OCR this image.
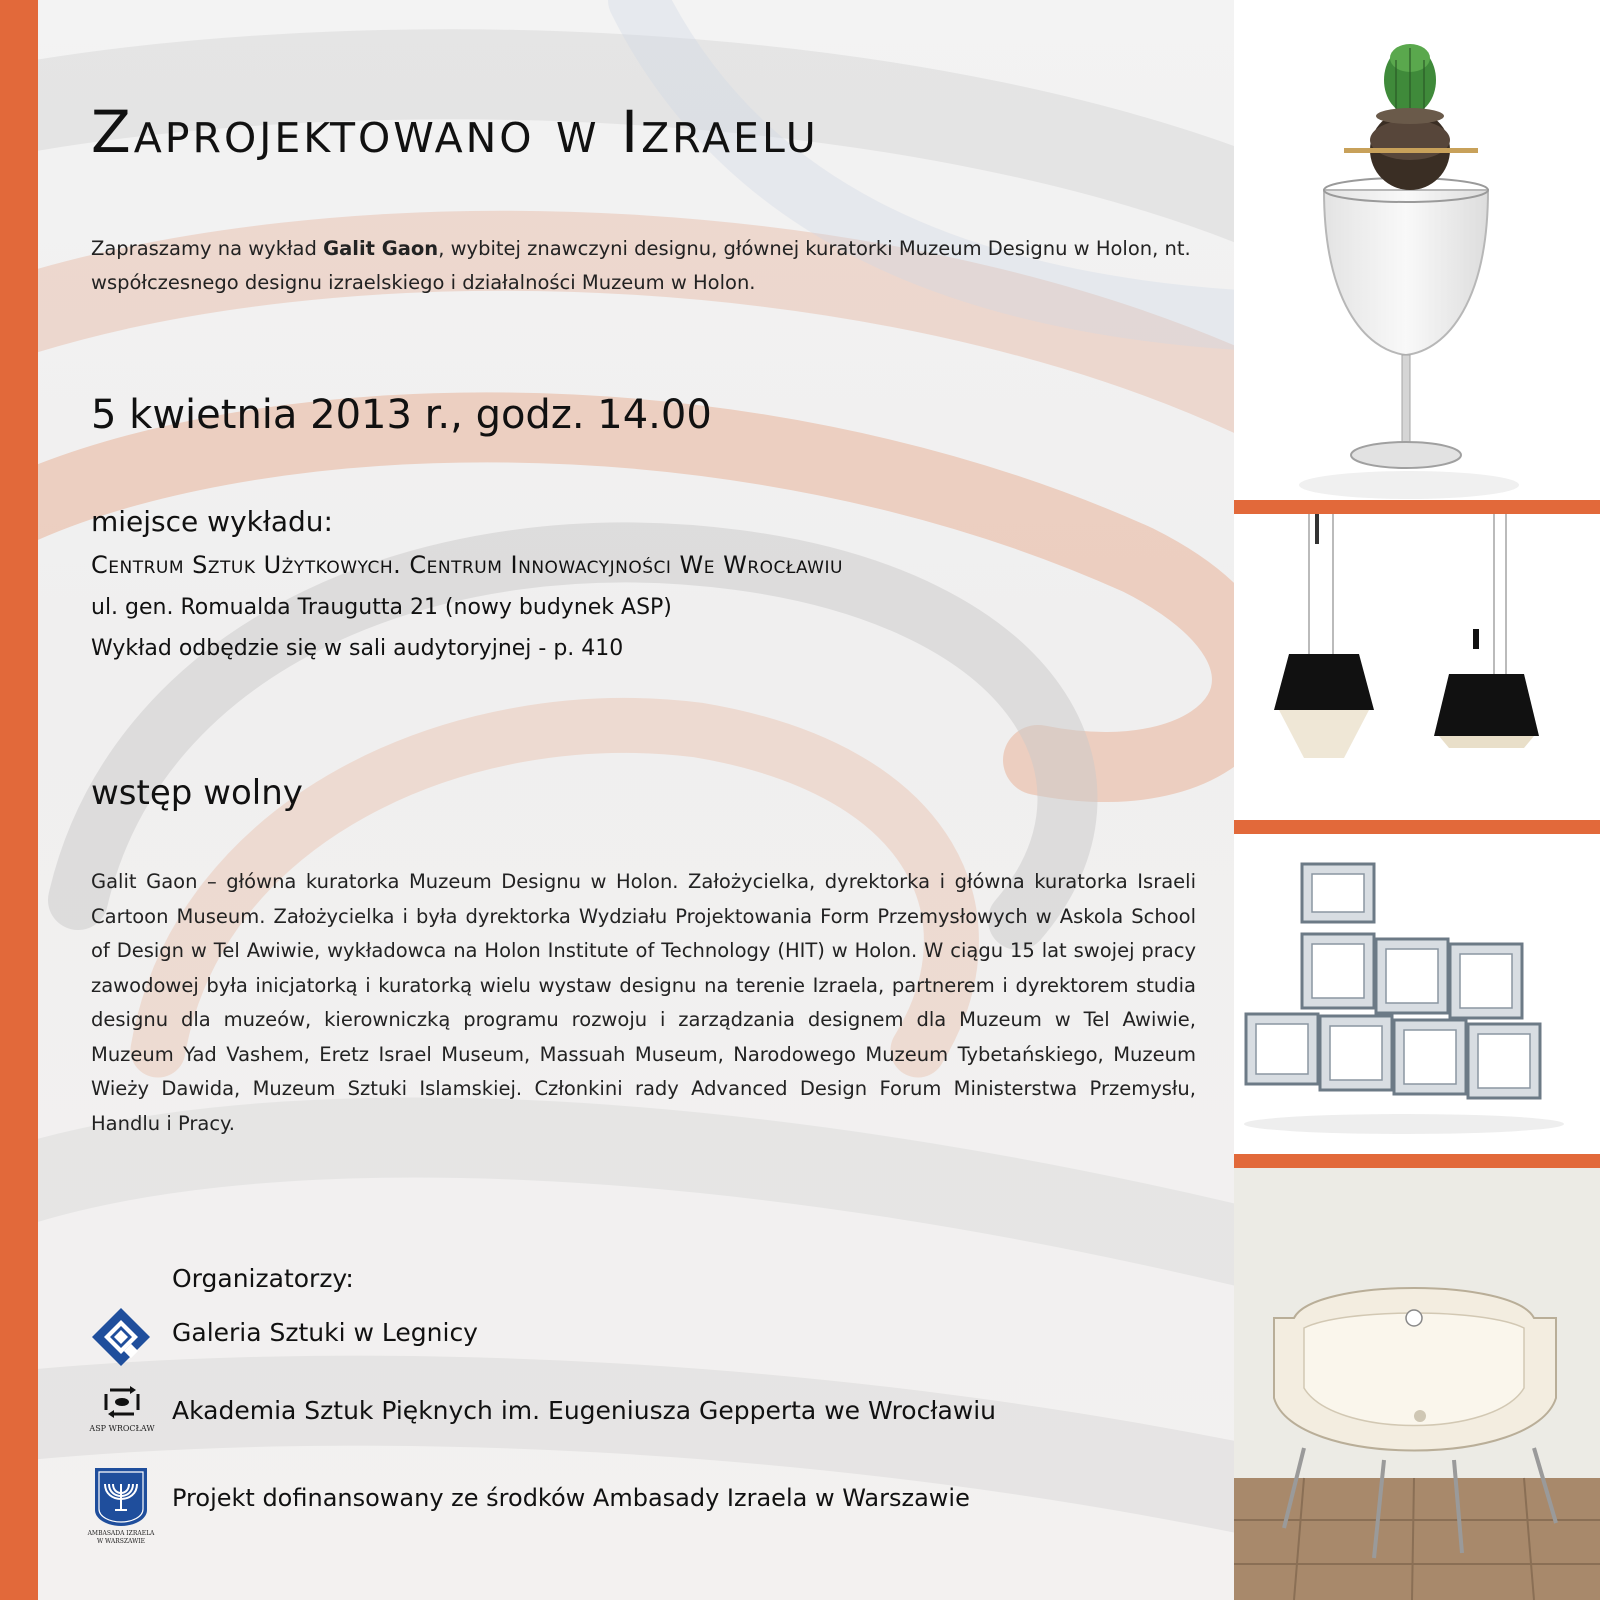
Zaprojektowano w Izraelu
Zapraszamy na wykład Galit Gaon, wybitej znawczyni designu, głównej kuratorki Muzeum Designu w Holon, nt. współczesnego designu izraelskiego i działalności Muzeum w Holon.
5 kwietnia 2013 r., godz. 14.00
miejsce wykładu:
Centrum Sztuk Użytkowych. Centrum Innowacyjności We Wrocławiu
ul. gen. Romualda Traugutta 21 (nowy budynek ASP)
Wykład odbędzie się w sali audytoryjnej - p. 410
wstęp wolny
Galit Gaon – główna kuratorka Muzeum Designu w Holon. Założycielka, dyrektorka i główna kuratorka Israeli Cartoon Museum. Założycielka i była dyrektorka Wydziału Projektowania Form Przemysłowych w Askola School of Design w Tel Awiwie, wykładowca na Holon Institute of Technology (HIT) w Holon. W ciągu 15 lat swojej pracy zawodowej była inicjatorką i kuratorką wielu wystaw designu na terenie Izraela, partnerem i dyrektorem studia designu dla muzeów, kierowniczką programu rozwoju i zarządzania designem dla Muzeum w Tel Awiwie, Muzeum Yad Vashem, Eretz Israel Museum, Massuah Museum, Narodowego Muzeum Tybetańskiego, Muzeum Wieży Dawida, Muzeum Sztuki Islamskiej. Członkini rady Advanced Design Forum Ministerstwa Przemysłu, Handlu i Pracy.
Organizatorzy:
Galeria Sztuki w Legnicy
ASP WROCŁAW
Akademia Sztuk Pięknych im. Eugeniusza Gepperta we Wrocławiu
AMBASADA IZRAELA W WARSZAWIE
Projekt dofinansowany ze środków Ambasady Izraela w Warszawie
